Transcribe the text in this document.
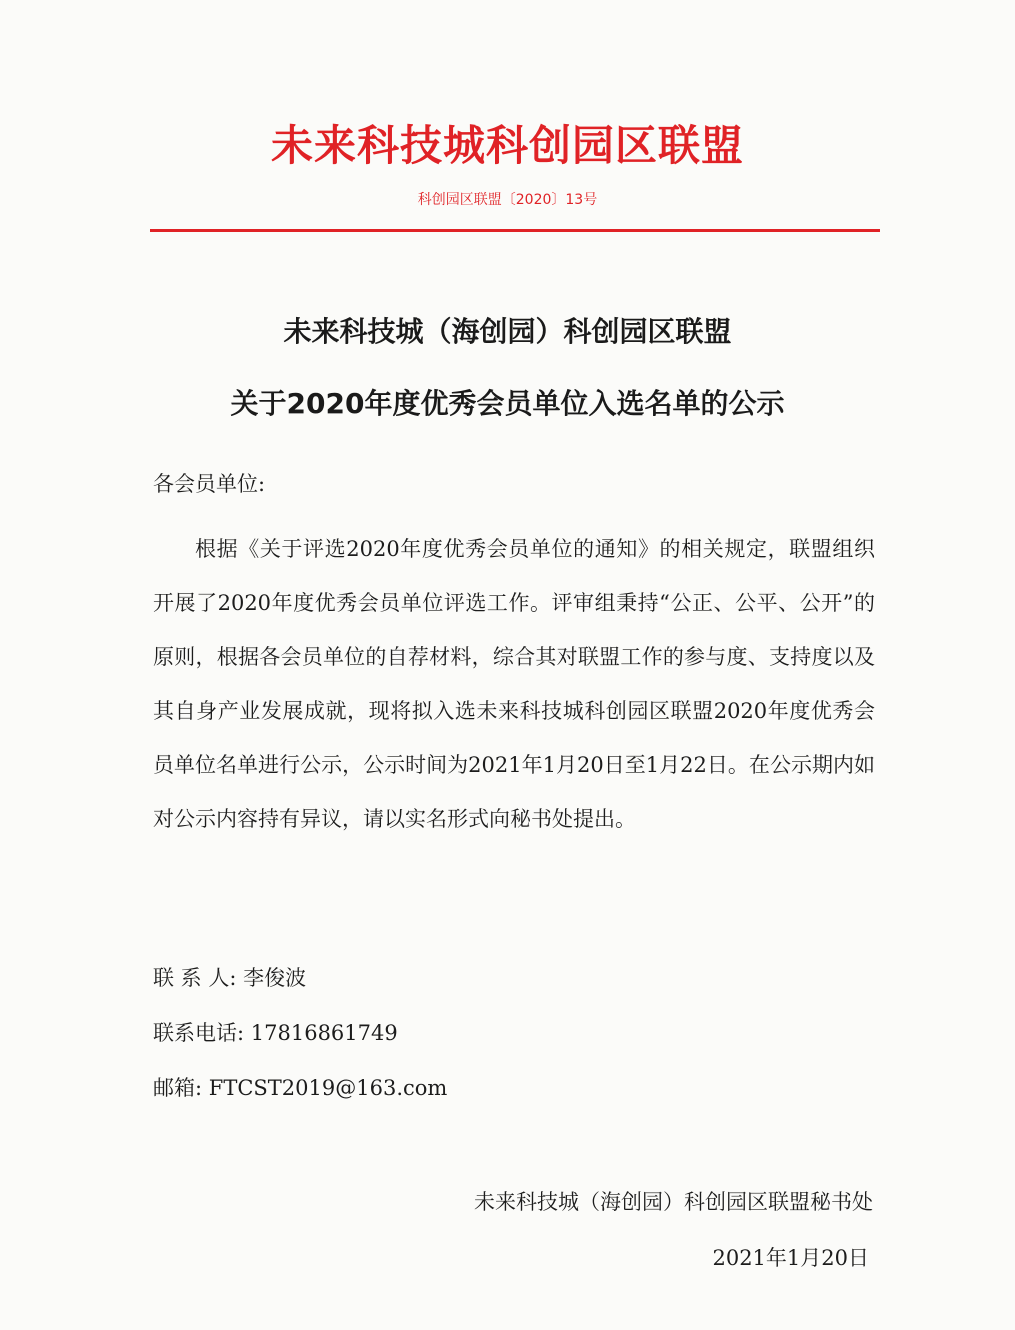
未来科技城科创园区联盟
科创园区联盟〔2020〕13号
未来科技城（海创园）科创园区联盟
关于2020年度优秀会员单位入选名单的公示
各会员单位:

根据《关于评选2020年度优秀会员单位的通知》的相关规定，联盟组织开展了2020年度优秀会员单位评选工作。评审组秉持“公正、公平、公开”的原则，根据各会员单位的自荐材料，综合其对联盟工作的参与度、支持度以及其自身产业发展成就，现将拟入选未来科技城科创园区联盟2020年度优秀会员单位名单进行公示，公示时间为2021年1月20日至1月22日。在公示期内如对公示内容持有异议，请以实名形式向秘书处提出。

联 系 人: 李俊波
联系电话: 17816861749
邮箱: FTCST2019@163.com
未来科技城（海创园）科创园区联盟秘书处
2021年1月20日
